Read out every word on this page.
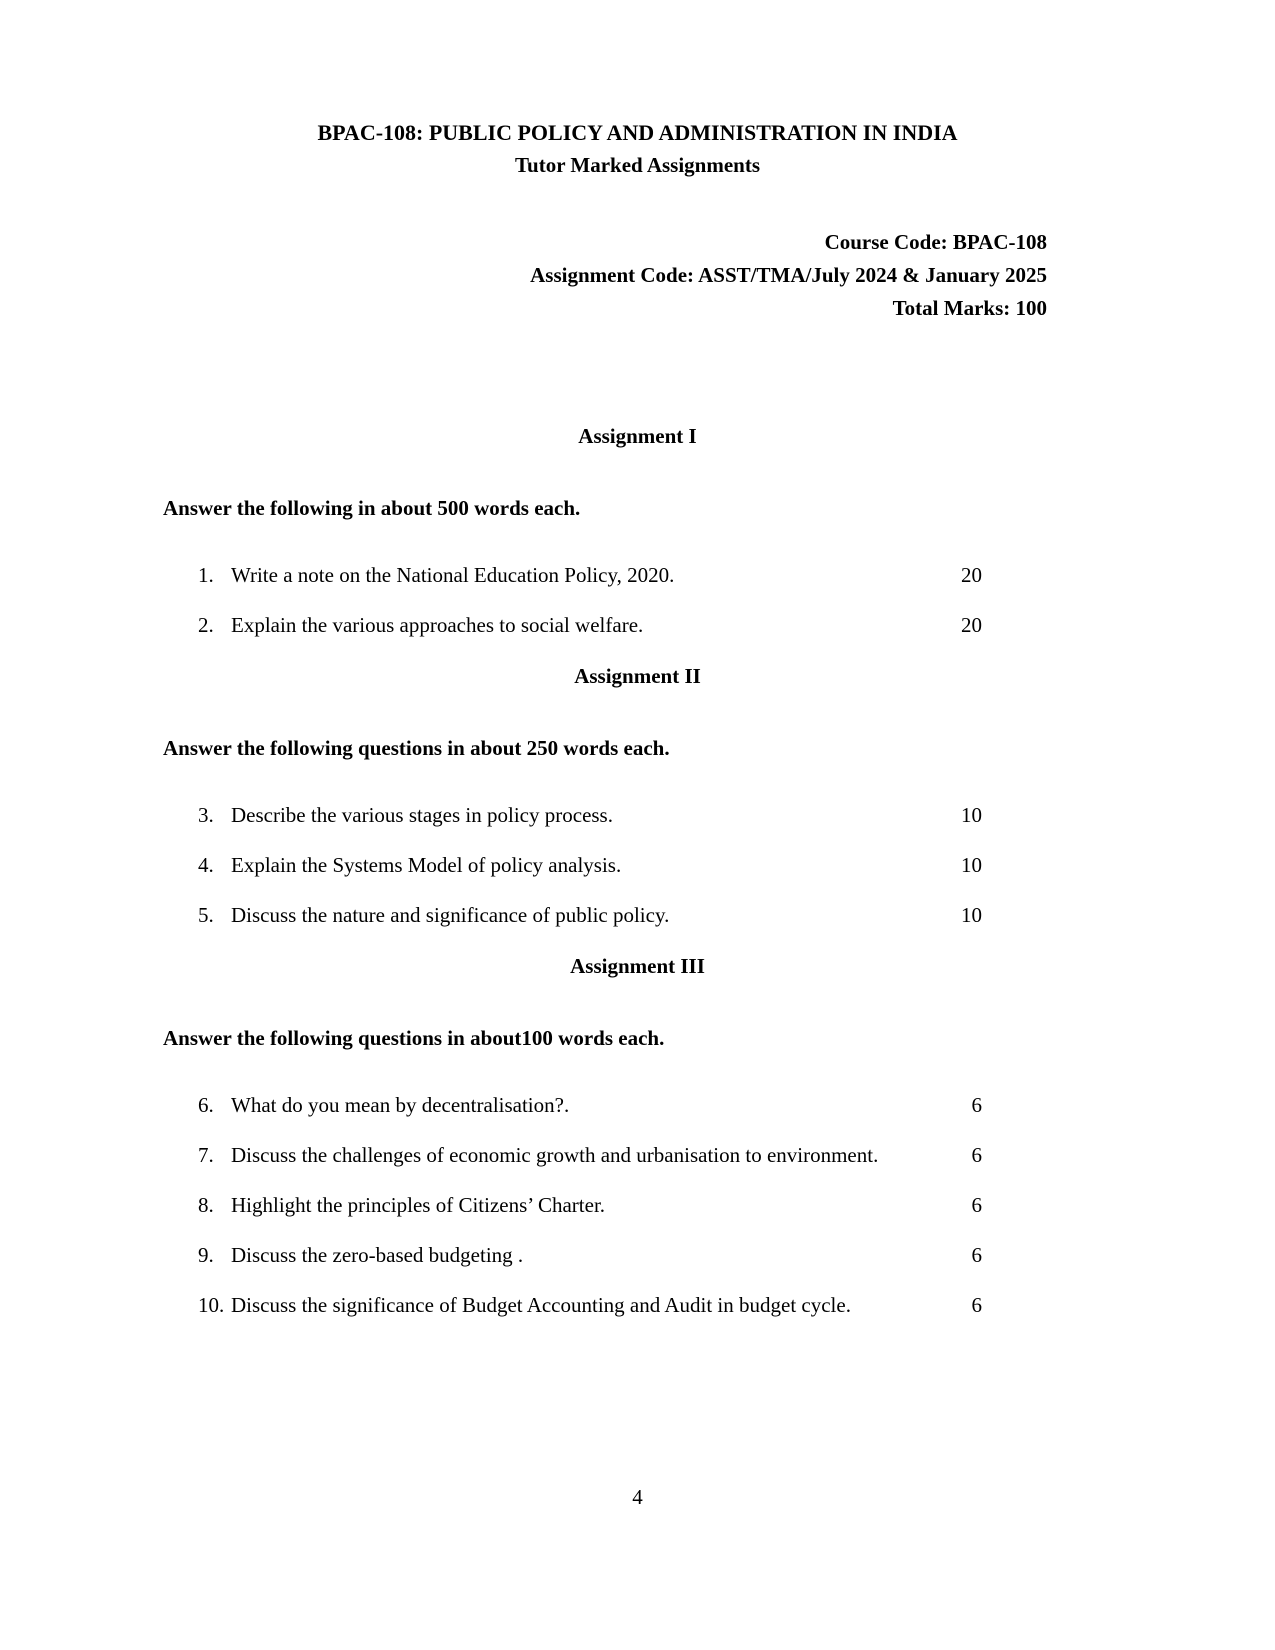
BPAC-108: PUBLIC POLICY AND ADMINISTRATION IN INDIA
Tutor Marked Assignments
Course Code: BPAC-108
Assignment Code: ASST/TMA/July 2024 & January 2025
Total Marks: 100
Assignment I

Answer the following in about 500 words each.

1. Write a note on the National Education Policy, 2020.	20
2. Explain the various approaches to social welfare.	20
Assignment II

Answer the following questions in about 250 words each.

3. Describe the various stages in policy process.	10
4. Explain the Systems Model of policy analysis.	10
5. Discuss the nature and significance of public policy.	10
Assignment III

Answer the following questions in about100 words each.

6. What do you mean by decentralisation?.	6
7. Discuss the challenges of economic growth and urbanisation to environment.	6
8. Highlight the principles of Citizens’ Charter.	6
9. Discuss the zero-based budgeting .	6
10. Discuss the significance of Budget Accounting and Audit in budget cycle.	6
4
